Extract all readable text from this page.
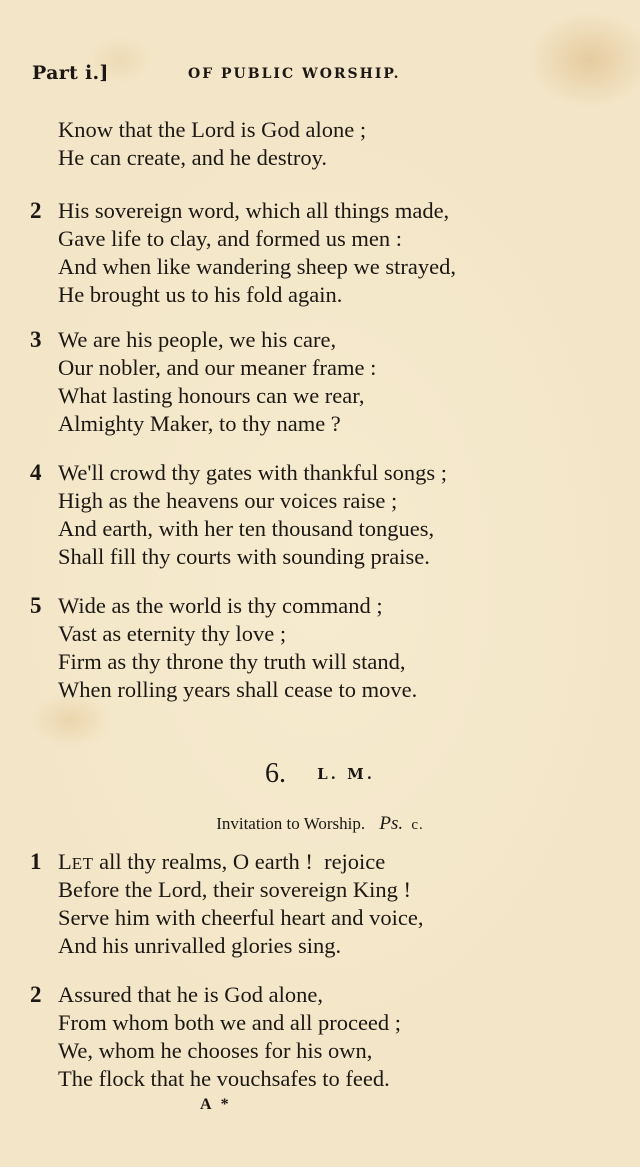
Part i.]	OF PUBLIC WORSHIP.
Know that the Lord is God alone ;
He can create, and he destroy.
2 His sovereign word, which all things made,
Gave life to clay, and formed us men :
And when like wandering sheep we strayed,
He brought us to his fold again.
3 We are his people, we his care,
Our nobler, and our meaner frame :
What lasting honours can we rear,
Almighty Maker, to thy name ?
4 We'll crowd thy gates with thankful songs ;
High as the heavens our voices raise ;
And earth, with her ten thousand tongues,
Shall fill thy courts with sounding praise.
5 Wide as the world is thy command ;
Vast as eternity thy love ;
Firm as thy throne thy truth will stand,
When rolling years shall cease to move.
6. L. M.
Invitation to Worship. Ps. c.
1 LET all thy realms, O earth !  rejoice
Before the Lord, their sovereign King !
Serve him with cheerful heart and voice,
And his unrivalled glories sing.
2 Assured that he is God alone,
From whom both we and all proceed ;
We, whom he chooses for his own,
The flock that he vouchsafes to feed.
A *
